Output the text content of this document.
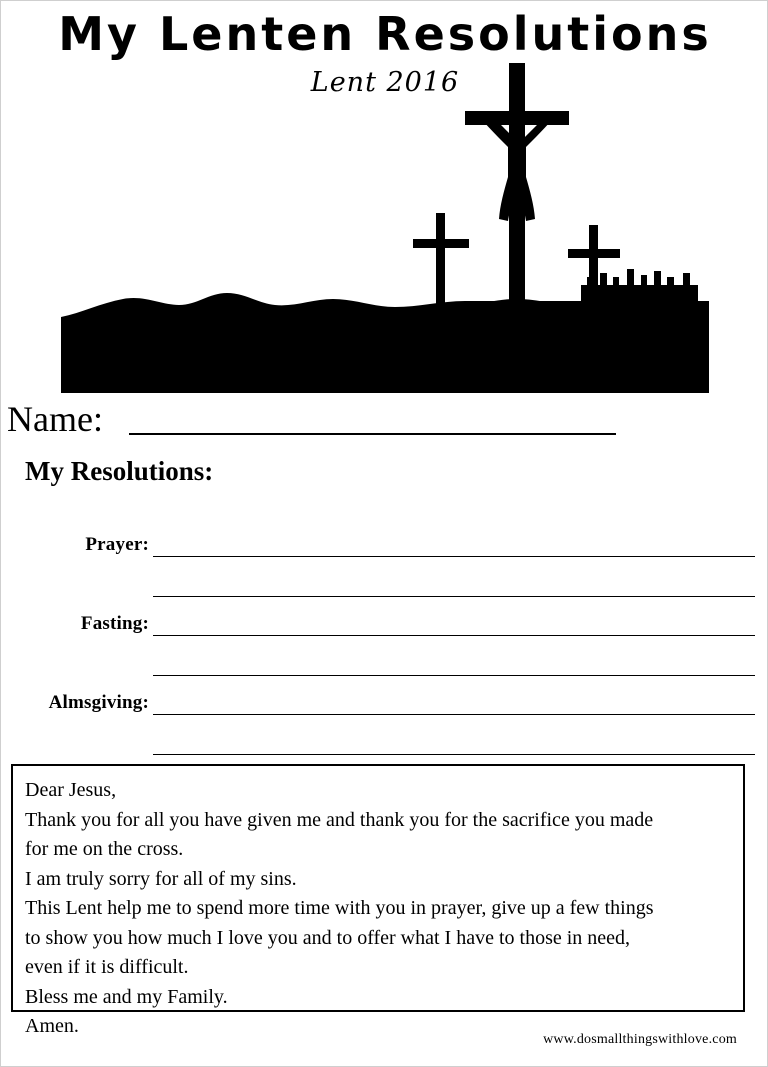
My Lenten Resolutions
Lent 2016
Name:
My Resolutions:
Prayer:
Fasting:
Almsgiving:
Dear Jesus,
Thank you for all you have given me and thank you for the sacrifice you made
for me on the cross.
I am truly sorry for all of my sins.
This Lent help me to spend more time with you in prayer, give up a few things
to show you how much I love you and to offer what I have to those in need,
even if it is difficult.
Bless me and my Family.
Amen.
www.dosmallthingswithlove.com
